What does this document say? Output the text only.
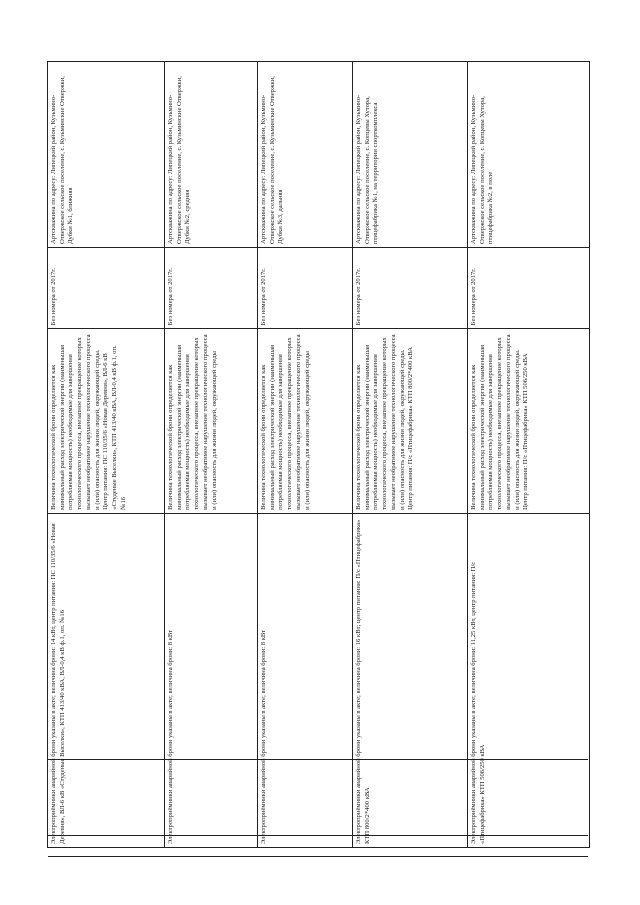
Электроприёмники аварийной брони указаны в акте; величина брони: 14 кВт, центр питания: ПС 110/35/6 «Новая Деревня», ВЛ-6 кВ «Студеные Выселки», КТП 413/40 кВА, ВЛ-0,4 кВ ф.1, оп. №16	Величина технологической брони определяется как минимальный расход электрической энергии (наименьшая потребляемая мощность) необходимые для завершения технологического процесса, внезапное прекращение которых вызывает необратимое нарушение технологического процесса и (или) опасность для жизни людей, окружающей среды. Центр питания: ПС 110/35/6 «Новая Деревня», ВЛ-6 кВ «Студеные Выселки», КТП 413/40 кВА, ВЛ-0,4 кВ ф.1, оп. №16	Без номера от 2017г.	Артскважина по адресу: Липецкий район, Кузьмино-Отвержское сельское поселение, с. Кузьминские Отвержки, Дубки №1, ближняя
Электроприёмники аварийной брони указаны в акте; величина брони: 8 кВт	Величина технологической брони определяется как минимальный расход электрической энергии (наименьшая потребляемая мощность) необходимые для завершения технологического процесса, внезапное прекращение которых вызывает необратимое нарушение технологического процесса и (или) опасность для жизни людей, окружающей среды	Без номера от 2017г.	Артскважина по адресу: Липецкий район, Кузьмино-Отвержское сельское поселение, с. Кузьминские Отвержки, Дубки №2, средняя
Электроприёмники аварийной брони указаны в акте; величина брони: 8 кВт	Величина технологической брони определяется как минимальный расход электрической энергии (наименьшая потребляемая мощность) необходимые для завершения технологического процесса, внезапное прекращение которых вызывает необратимое нарушение технологического процесса и (или) опасность для жизни людей, окружающей среды	Без номера от 2017г.	Артскважина по адресу: Липецкий район, Кузьмино-Отвержское сельское поселение, с. Кузьминские Отвержки, Дубки №3, дальняя
Электроприёмники аварийной брони указаны в акте; величина брони: 16 кВт; центр питания: П/с «Птицефабрика» КТП 800/2*400 кВА	Величина технологической брони определяется как минимальный расход электрической энергии (наименьшая потребляемая мощность) необходимые для завершения технологического процесса, внезапное прекращение которых вызывает необратимое нарушение технологического процесса и (или) опасность для жизни людей, окружающей среды. Центр питания: П/с «Птицефабрика» КТП 800/2*400 кВА	Без номера от 2017г.	Артскважина по адресу: Липецкий район, Кузьмино-Отвержское сельское поселение, с. Копцевы Хутора, птицефабрика №1, на территории спорткомплекса
Электроприёмники аварийной брони указаны в акте; величина брони: 11,25 кВт, центр питания: П/с «Птицефабрика» КТП 506/250 кВА	Величина технологической брони определяется как минимальный расход электрической энергии (наименьшая потребляемая мощность) необходимые для завершения технологического процесса, внезапное прекращение которых вызывает необратимое нарушение технологического процесса и (или) опасность для жизни людей, окружающей среды. Центр питания: П/с «Птицефабрика» КТП 506/250 кВА	Без номера от 2017г.	Артскважина по адресу: Липецкий район, Кузьмино-Отвержское сельское поселение, с. Копцевы Хутора, птицефабрика №2, в поле
